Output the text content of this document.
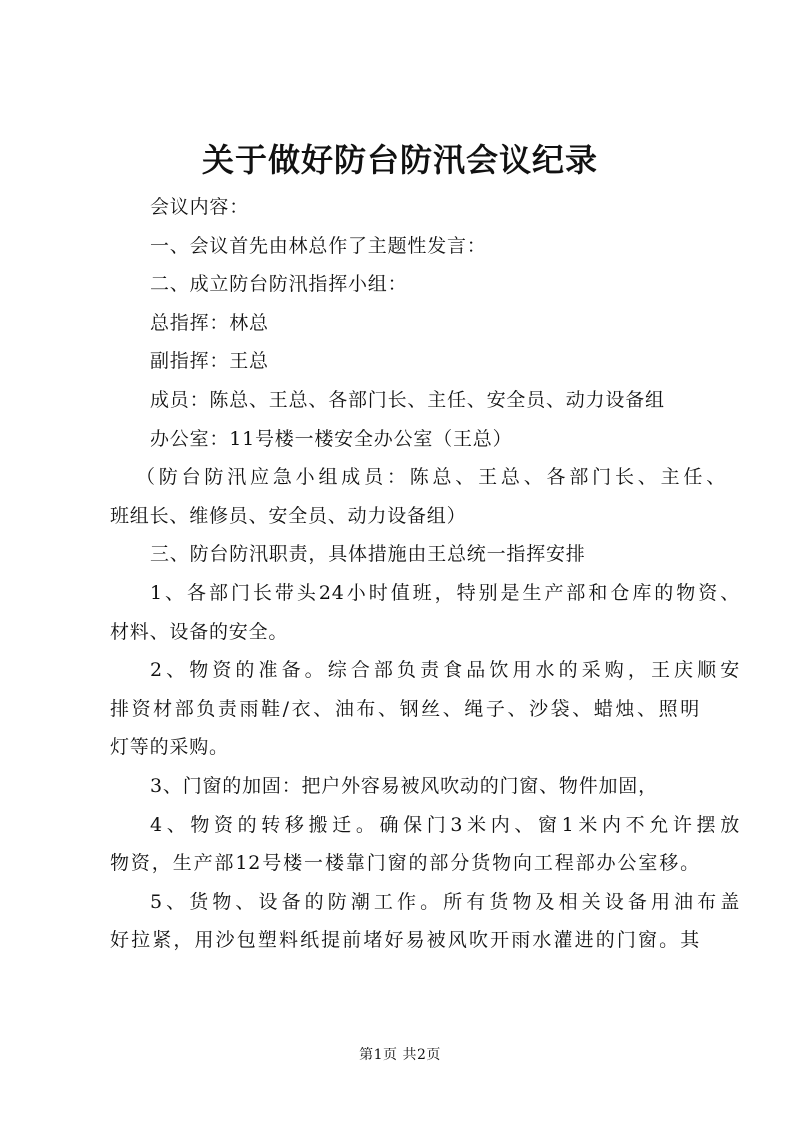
关于做好防台防汛会议纪录
会议内容：
一、会议首先由林总作了主题性发言：
二、成立防台防汛指挥小组：
总指挥：林总
副指挥：王总
成员：陈总、王总、各部门长、主任、安全员、动力设备组
办公室：11号楼一楼安全办公室（王总）
（防台防汛应急小组成员：陈总、王总、各部门长、主任、
班组长、维修员、安全员、动力设备组）
三、防台防汛职责，具体措施由王总统一指挥安排
1、各部门长带头24小时值班，特别是生产部和仓库的物资、
材料、设备的安全。
2、物资的准备。综合部负责食品饮用水的采购，王庆顺安
排资材部负责雨鞋/衣、油布、钢丝、绳子、沙袋、蜡烛、照明
灯等的采购。
3、门窗的加固：把户外容易被风吹动的门窗、物件加固，
4、物资的转移搬迁。确保门3米内、窗1米内不允许摆放
物资，生产部12号楼一楼靠门窗的部分货物向工程部办公室移。
5、货物、设备的防潮工作。所有货物及相关设备用油布盖
好拉紧，用沙包塑料纸提前堵好易被风吹开雨水灌进的门窗。其
第1页 共2页
